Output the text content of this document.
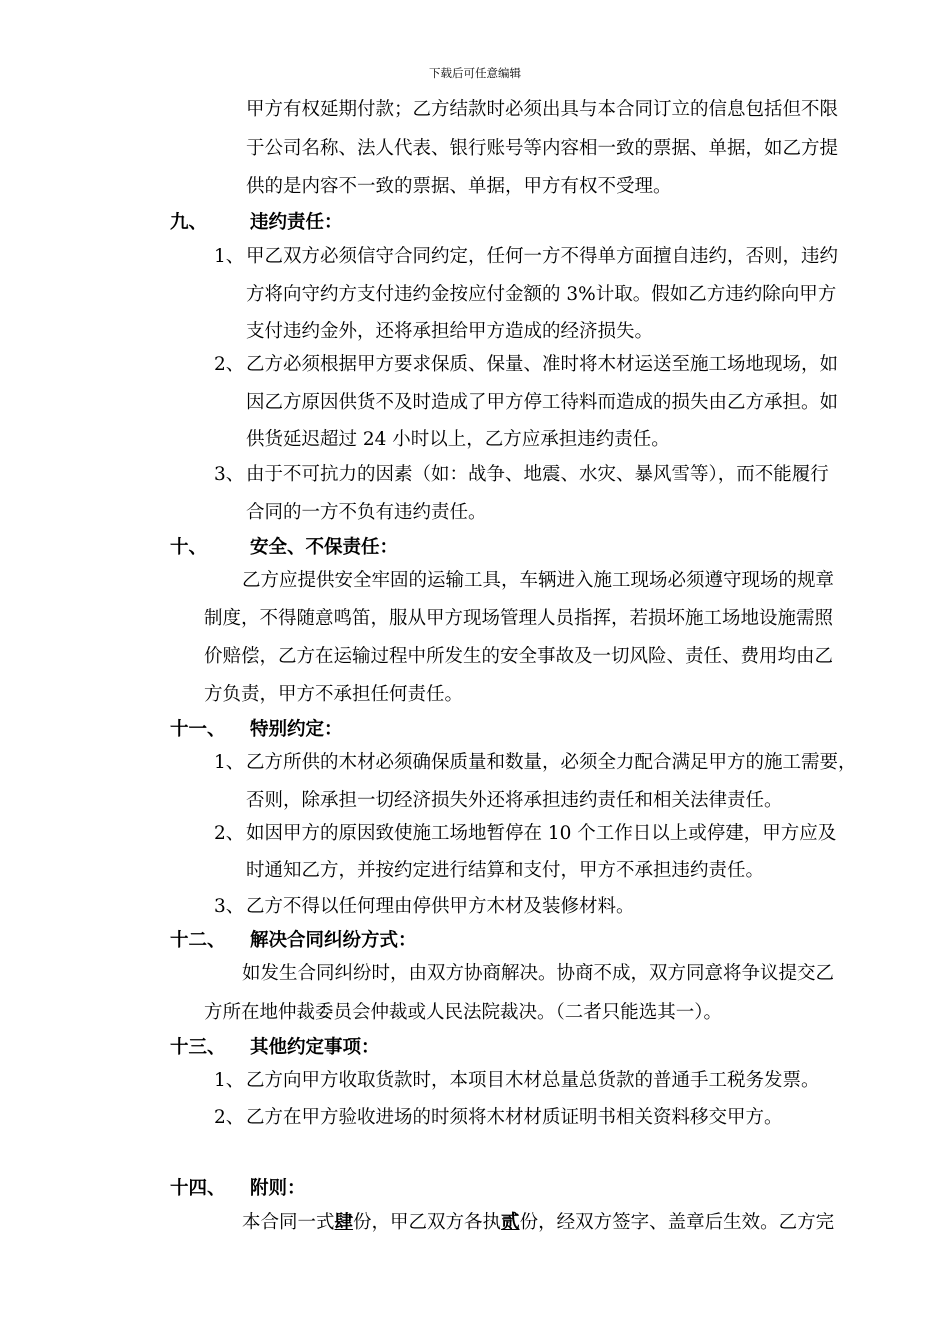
下载后可任意编辑
甲方有权延期付款；乙方结款时必须出具与本合同订立的信息包括但不限
于公司名称、法人代表、银行账号等内容相一致的票据、单据，如乙方提
供的是内容不一致的票据、单据，甲方有权不受理。
九、 违约责任：
1、 甲乙双方必须信守合同约定，任何一方不得单方面擅自违约，否则，违约
方将向守约方支付违约金按应付金额的 3%计取。假如乙方违约除向甲方
支付违约金外，还将承担给甲方造成的经济损失。
2、 乙方必须根据甲方要求保质、保量、准时将木材运送至施工场地现场，如
因乙方原因供货不及时造成了甲方停工待料而造成的损失由乙方承担。如
供货延迟超过 24 小时以上，乙方应承担违约责任。
3、 由于不可抗力的因素（如：战争、地震、水灾、暴风雪等），而不能履行
合同的一方不负有违约责任。
十、 安全、不保责任：
乙方应提供安全牢固的运输工具，车辆进入施工现场必须遵守现场的规章
制度，不得随意鸣笛，服从甲方现场管理人员指挥，若损坏施工场地设施需照
价赔偿，乙方在运输过程中所发生的安全事故及一切风险、责任、费用均由乙
方负责，甲方不承担任何责任。
十一、 特别约定：
1、 乙方所供的木材必须确保质量和数量，必须全力配合满足甲方的施工需要，
否则，除承担一切经济损失外还将承担违约责任和相关法律责任。
2、 如因甲方的原因致使施工场地暂停在 10 个工作日以上或停建，甲方应及
时通知乙方，并按约定进行结算和支付，甲方不承担违约责任。
3、 乙方不得以任何理由停供甲方木材及装修材料。
十二、 解决合同纠纷方式：
如发生合同纠纷时，由双方协商解决。协商不成，双方同意将争议提交乙
方所在地仲裁委员会仲裁或人民法院裁决。（二者只能选其一）。
十三、 其他约定事项：
1、 乙方向甲方收取货款时，本项目木材总量总货款的普通手工税务发票。
2、 乙方在甲方验收进场的时须将木材材质证明书相关资料移交甲方。
十四、 附则：
本合同一式肆份，甲乙双方各执贰份，经双方签字、盖章后生效。乙方完
